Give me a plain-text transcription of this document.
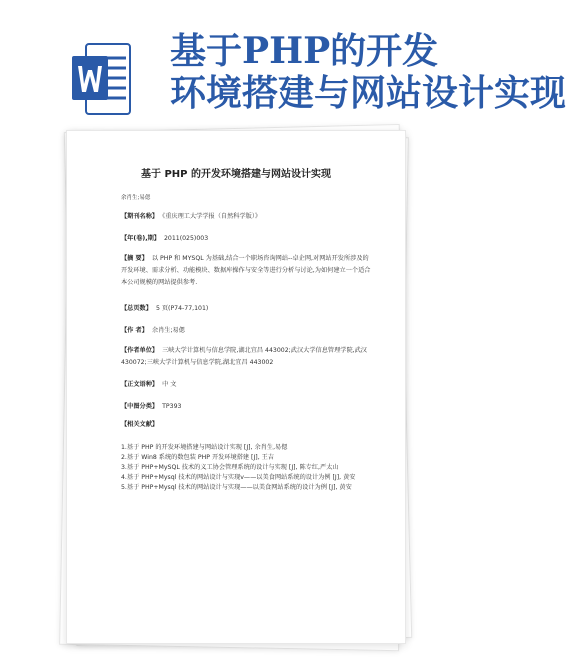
基于PHP的开发
环境搭建与网站设计实现
基于 PHP 的开发环境搭建与网站设计实现
余肖生;易偲
【期刊名称】 《重庆理工大学学报（自然科学版）》
【年(卷),期】 2011(025)003
【摘 要】 以 PHP 和 MYSQL 为基础,结合一个职场咨询网站--卓企网,对网站开发所涉及的开发环境、需求分析、功能模块、数据库操作与安全等进行分析与讨论,为如何建立一个适合本公司规模的网站提供参考.
【总页数】 5 页(P74-77,101)
【作 者】 余肖生;易偲
【作者单位】 三峡大学计算机与信息学院,湖北宜昌 443002;武汉大学信息管理学院,武汉 430072;三峡大学计算机与信息学院,湖北宜昌 443002
【正文语种】 中 文
【中图分类】 TP393
【相关文献】
1.基于 PHP 的开发环境搭建与网站设计实现 [J], 余肖生,易偲
2.基于 Win8 系统的数包装 PHP 开发环境搭建 [J], 王吉
3.基于 PHP+MySQL 技术的义工协会管理系统的设计与实现 [J], 陈专红,严太山
4.基于 PHP+Mysql 技术的网站设计与实现v——以美食网站系统的设计为例 [J], 黄安
5.基于 PHP+Mysql 技术的网站设计与实现——以美食网站系统的设计为例 [J], 黄安
